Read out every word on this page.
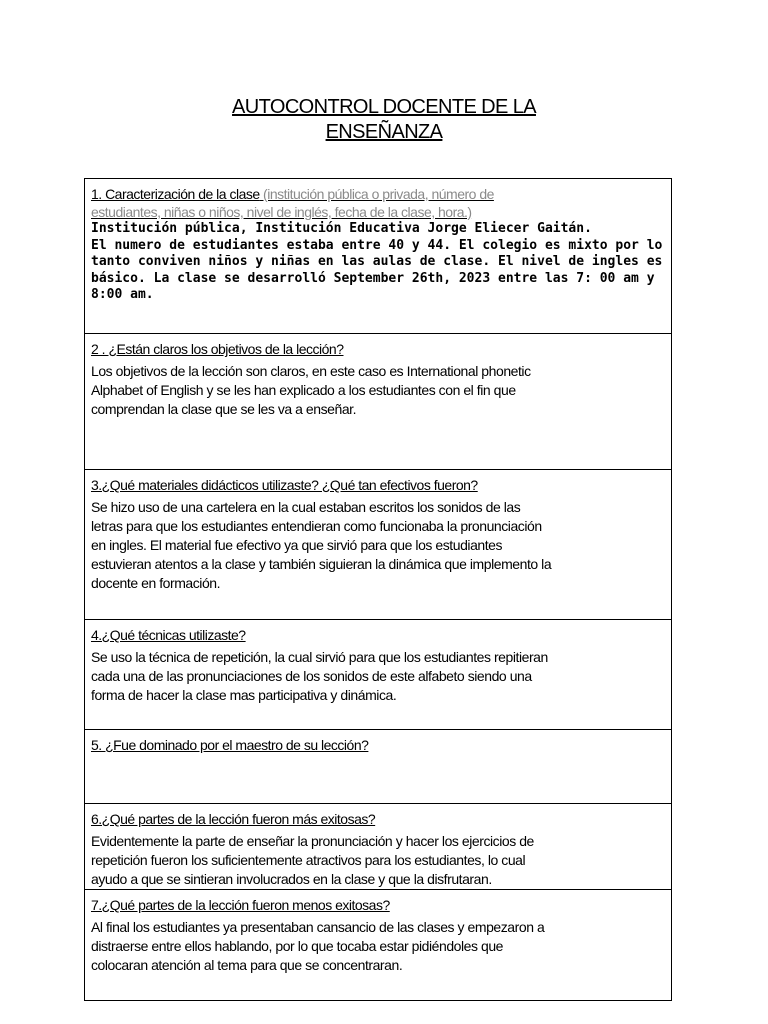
AUTOCONTROL DOCENTE DE LA
ENSEÑANZA
1. Caracterización de la clase (institución pública o privada, número de
estudiantes, niñas o niños, nivel de inglés, fecha de la clase, hora.)
Institución pública, Institución Educativa Jorge Eliecer Gaitán.
El numero de estudiantes estaba entre 40 y 44. El colegio es mixto por lo
tanto conviven niños y niñas en las aulas de clase. El nivel de ingles es
básico. La clase se desarrolló September 26th, 2023 entre las 7: 00 am y
8:00 am.
2 . ¿Están claros los objetivos de la lección?
Los objetivos de la lección son claros, en este caso es International phonetic
Alphabet of English y se les han explicado a los estudiantes con el fin que
comprendan la clase que se les va a enseñar.
3.¿Qué materiales didácticos utilizaste? ¿Qué tan efectivos fueron?
Se hizo uso de una cartelera en la cual estaban escritos los sonidos de las
letras para que los estudiantes entendieran como funcionaba la pronunciación
en ingles. El material fue efectivo ya que sirvió para que los estudiantes
estuvieran atentos a la clase y también siguieran la dinámica que implemento la
docente en formación.
4.¿Qué técnicas utilizaste?
Se uso la técnica de repetición, la cual sirvió para que los estudiantes repitieran
cada una de las pronunciaciones de los sonidos de este alfabeto siendo una
forma de hacer la clase mas participativa y dinámica.
5. ¿Fue dominado por el maestro de su lección?
6.¿Qué partes de la lección fueron más exitosas?
Evidentemente la parte de enseñar la pronunciación y hacer los ejercicios de
repetición fueron los suficientemente atractivos para los estudiantes, lo cual
ayudo a que se sintieran involucrados en la clase y que la disfrutaran.
7.¿Qué partes de la lección fueron menos exitosas?
Al final los estudiantes ya presentaban cansancio de las clases y empezaron a
distraerse entre ellos hablando, por lo que tocaba estar pidiéndoles que
colocaran atención al tema para que se concentraran.
